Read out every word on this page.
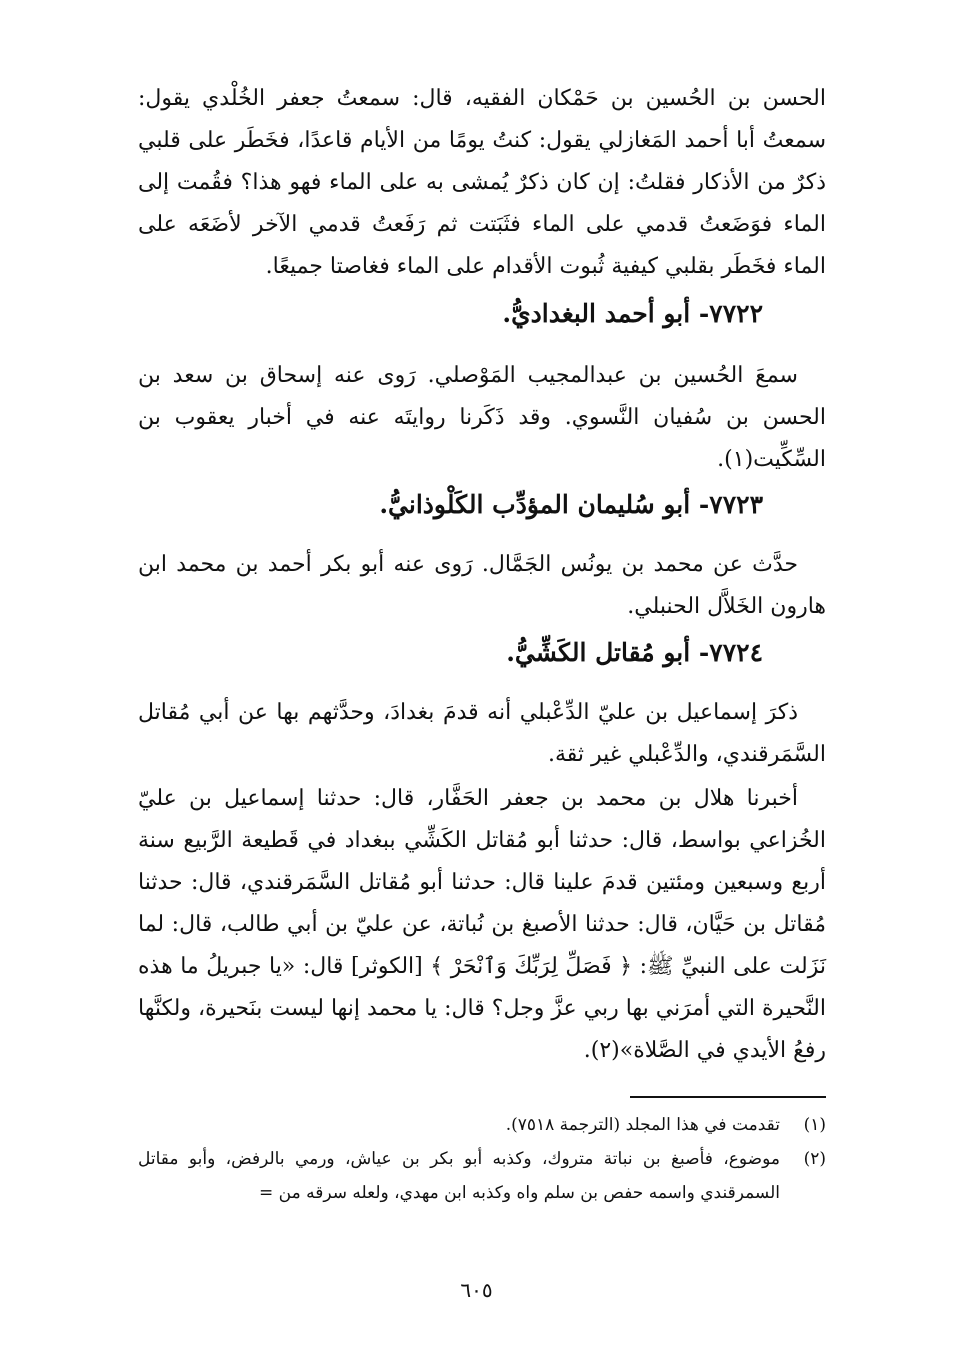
الحسن بن الحُسين بن حَمْكان الفقيه، قال: سمعتُ جعفر الخُلْدي يقول: سمعتُ أبا أحمد المَغازلي يقول: كنتُ يومًا من الأيام قاعدًا، فخَطَر على قلبي ذكرٌ من الأذكار فقلتُ: إن كان ذكرٌ يُمشى به على الماء فهو هذا؟ فقُمت إلى الماء فوَضَعتُ قدمي على الماء فثَبَتت ثم رَفَعتُ قدمي الآخر لأضَعَه على الماء فخَطَر بقلبي كيفية ثُبوت الأقدام على الماء فغاصتا جميعًا.

٧٧٢٢- أبو أحمد البغداديُّ.

سمعَ الحُسين بن عبدالمجيب المَوْصلي. رَوى عنه إسحاق بن سعد بن الحسن بن سُفيان النَّسوي. وقد ذَكَرنا روايتَه عنه في أخبار يعقوب بن السِّكِّيت(١).

٧٧٢٣- أبو سُليمان المؤدِّب الكَلْوذانيُّ.

حدَّث عن محمد بن يونُس الجَمَّال. رَوى عنه أبو بكر أحمد بن محمد ابن هارون الخَلاَّل الحنبلي.

٧٧٢٤- أبو مُقاتل الكَشِّيُّ.

ذكرَ إسماعيل بن عليّ الدِّعْبلي أنه قدمَ بغدادَ، وحدَّثهم بها عن أبي مُقاتل السَّمَرقندي، والدِّعْبلي غير ثقة.

أخبرنا هلال بن محمد بن جعفر الحَفَّار، قال: حدثنا إسماعيل بن عليّ الخُزاعي بواسط، قال: حدثنا أبو مُقاتل الكَشِّي ببغداد في قَطيعة الرَّبيع سنة أربع وسبعين ومئتين قدمَ علينا قال: حدثنا أبو مُقاتل السَّمَرقندي، قال: حدثنا مُقاتل بن حَيَّان، قال: حدثنا الأصبغ بن نُباتة، عن عليّ بن أبي طالب، قال: لما نَزَلت على النبيِّ ﷺ: ﴿ فَصَلِّ لِرَبِّكَ وَٱنْحَرْ ﴾ [الكوثر] قال: «يا جبريلُ ما هذه النَّحيرة التي أمرَني بها ربي عزَّ وجل؟ قال: يا محمد إنها ليست بنَحيرة، ولكنَّها رفعُ الأيدي في الصَّلاة»(٢).

(١)
تقدمت في هذا المجلد (الترجمة ٧٥١٨).
(٢)
موضوع، فأصبغ بن نباتة متروك، وكذبه أبو بكر بن عياش، ورمي بالرفض، وأبو مقاتل السمرقندي واسمه حفص بن سلم واه وكذبه ابن مهدي، ولعله سرقه من =
٦٠٥
